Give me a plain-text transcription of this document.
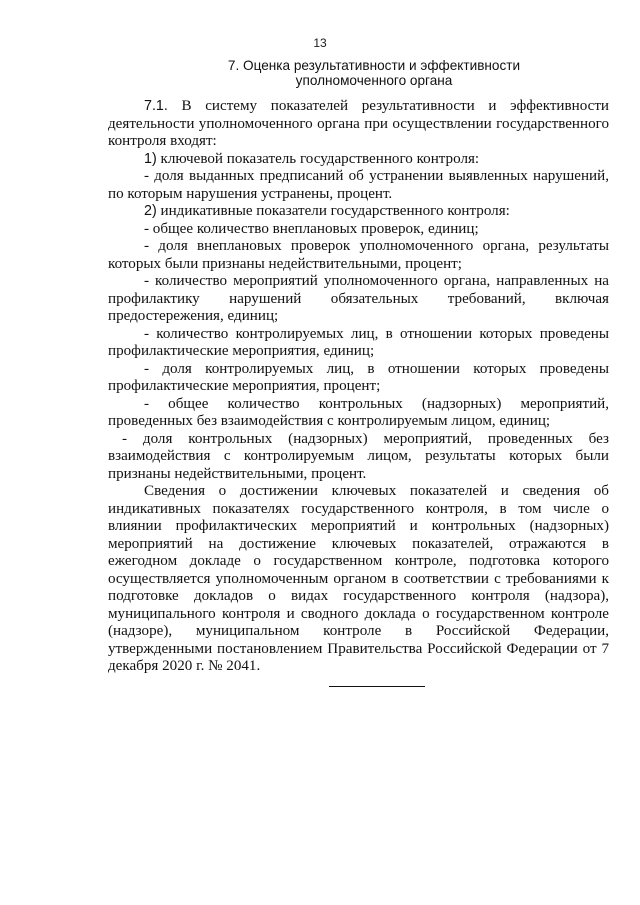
13
7. Оценка результативности и эффективности
уполномоченного органа

7.1. В систему показателей результативности и эффективности деятельности уполномоченного органа при осуществлении государственного контроля входят:

1) ключевой показатель государственного контроля:

- доля выданных предписаний об устранении выявленных нарушений, по которым нарушения устранены, процент.

2) индикативные показатели государственного контроля:

- общее количество внеплановых проверок, единиц;

- доля внеплановых проверок уполномоченного органа, результаты которых были признаны недействительными, процент;

- количество мероприятий уполномоченного органа, направленных на профилактику нарушений обязательных требований, включая предостережения, единиц;

- количество контролируемых лиц, в отношении которых проведены профилактические мероприятия, единиц;

- доля контролируемых лиц, в отношении которых проведены профилактические мероприятия, процент;

- общее количество контрольных (надзорных) мероприятий, проведенных без взаимодействия с контролируемым лицом, единиц;

- доля контрольных (надзорных) мероприятий, проведенных без взаимодействия с контролируемым лицом, результаты которых были признаны недействительными, процент.

Сведения о достижении ключевых показателей и сведения об индикативных показателях государственного контроля, в том числе о влиянии профилактических мероприятий и контрольных (надзорных) мероприятий на достижение ключевых показателей, отражаются в ежегодном докладе о государственном контроле, подготовка которого осуществляется уполномоченным органом в соответствии с требованиями к подготовке докладов о видах государственного контроля (надзора), муниципального контроля и сводного доклада о государственном контроле (надзоре), муниципальном контроле в Российской Федерации, утвержденными постановлением Правительства Российской Федерации от 7 декабря 2020 г. № 2041.
